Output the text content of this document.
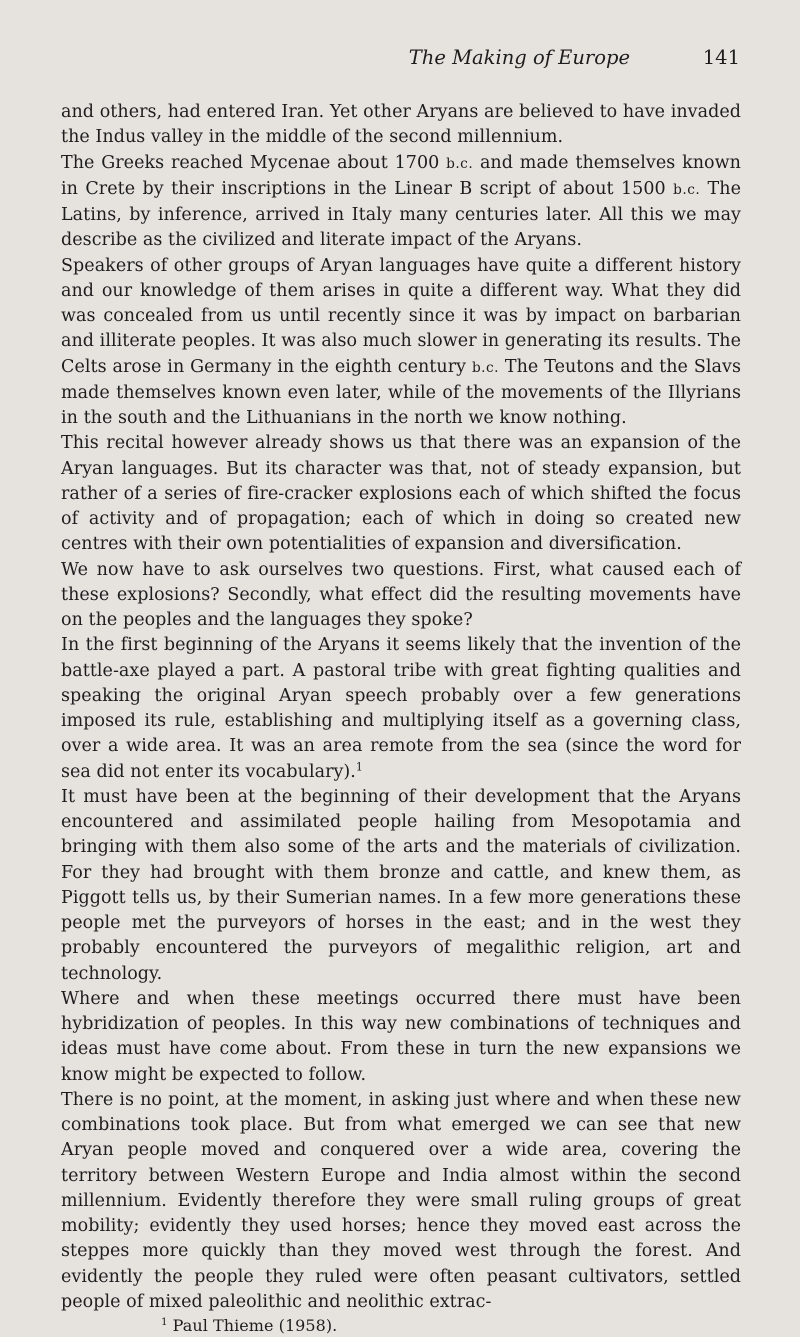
The Making of Europe	141

and others, had entered Iran. Yet other Aryans are believed to have invaded the Indus valley in the middle of the second millennium.

The Greeks reached Mycenae about 1700 b.c. and made themselves known in Crete by their inscriptions in the Linear B script of about 1500 b.c. The Latins, by inference, arrived in Italy many centuries later. All this we may describe as the civilized and literate impact of the Aryans.

Speakers of other groups of Aryan languages have quite a different history and our knowledge of them arises in quite a different way. What they did was concealed from us until recently since it was by impact on barbarian and illiterate peoples. It was also much slower in generating its results. The Celts arose in Germany in the eighth century b.c. The Teutons and the Slavs made themselves known even later, while of the movements of the Illyrians in the south and the Lithuanians in the north we know nothing.

This recital however already shows us that there was an expansion of the Aryan languages. But its character was that, not of steady expansion, but rather of a series of fire-cracker explosions each of which shifted the focus of activity and of propagation; each of which in doing so created new centres with their own potentialities of expansion and diversification.

We now have to ask ourselves two questions. First, what caused each of these explosions? Secondly, what effect did the resulting movements have on the peoples and the languages they spoke?

In the first beginning of the Aryans it seems likely that the invention of the battle-axe played a part. A pastoral tribe with great fighting qualities and speaking the original Aryan speech probably over a few generations imposed its rule, establishing and multiplying itself as a governing class, over a wide area. It was an area remote from the sea (since the word for sea did not enter its vocabulary).$^1$

It must have been at the beginning of their development that the Aryans encountered and assimilated people hailing from Mesopotamia and bringing with them also some of the arts and the materials of civilization. For they had brought with them bronze and cattle, and knew them, as Piggott tells us, by their Sumerian names. In a few more generations these people met the purveyors of horses in the east; and in the west they probably encountered the purveyors of megalithic religion, art and technology.

Where and when these meetings occurred there must have been hybridization of peoples. In this way new combinations of techniques and ideas must have come about. From these in turn the new expansions we know might be expected to follow.

There is no point, at the moment, in asking just where and when these new combinations took place. But from what emerged we can see that new Aryan people moved and conquered over a wide area, covering the territory between Western Europe and India almost within the second millennium. Evidently therefore they were small ruling groups of great mobility; evidently they used horses; hence they moved east across the steppes more quickly than they moved west through the forest. And evidently the people they ruled were often peasant cultivators, settled people of mixed paleolithic and neolithic extrac-

$^1$ Paul Thieme (1958).
